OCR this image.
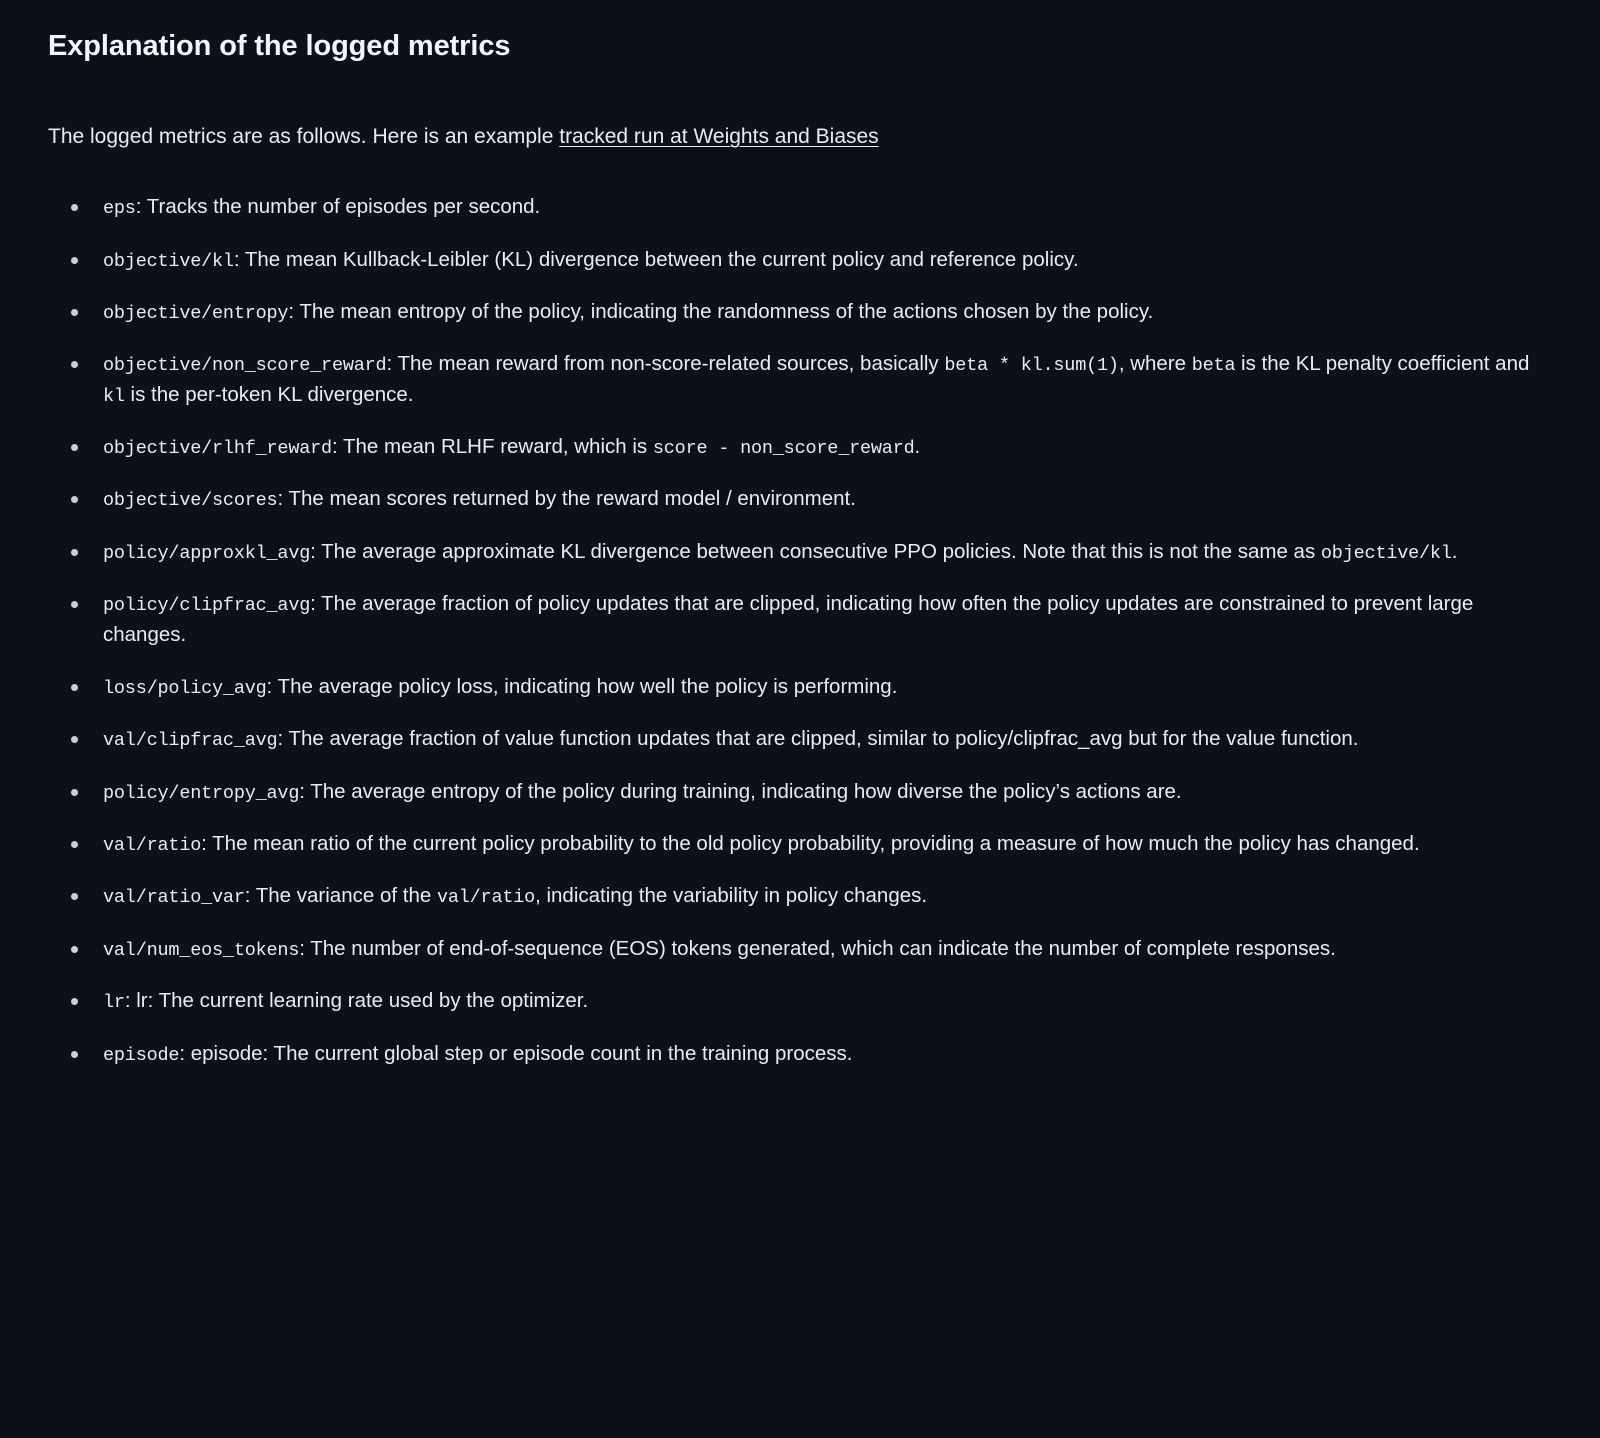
Explanation of the logged metrics

The logged metrics are as follows. Here is an example tracked run at Weights and Biases

eps: Tracks the number of episodes per second.
objective/kl: The mean Kullback-Leibler (KL) divergence between the current policy and reference policy.
objective/entropy: The mean entropy of the policy, indicating the randomness of the actions chosen by the policy.
objective/non_score_reward: The mean reward from non-score-related sources, basically beta * kl.sum(1), where beta is the KL penalty coefficient and kl is the per-token KL divergence.
objective/rlhf_reward: The mean RLHF reward, which is score - non_score_reward.
objective/scores: The mean scores returned by the reward model / environment.
policy/approxkl_avg: The average approximate KL divergence between consecutive PPO policies. Note that this is not the same as objective/kl.
policy/clipfrac_avg: The average fraction of policy updates that are clipped, indicating how often the policy updates are constrained to prevent large changes.
loss/policy_avg: The average policy loss, indicating how well the policy is performing.
val/clipfrac_avg: The average fraction of value function updates that are clipped, similar to policy/clipfrac_avg but for the value function.
policy/entropy_avg: The average entropy of the policy during training, indicating how diverse the policy’s actions are.
val/ratio: The mean ratio of the current policy probability to the old policy probability, providing a measure of how much the policy has changed.
val/ratio_var: The variance of the val/ratio, indicating the variability in policy changes.
val/num_eos_tokens: The number of end-of-sequence (EOS) tokens generated, which can indicate the number of complete responses.
lr: lr: The current learning rate used by the optimizer.
episode: episode: The current global step or episode count in the training process.
